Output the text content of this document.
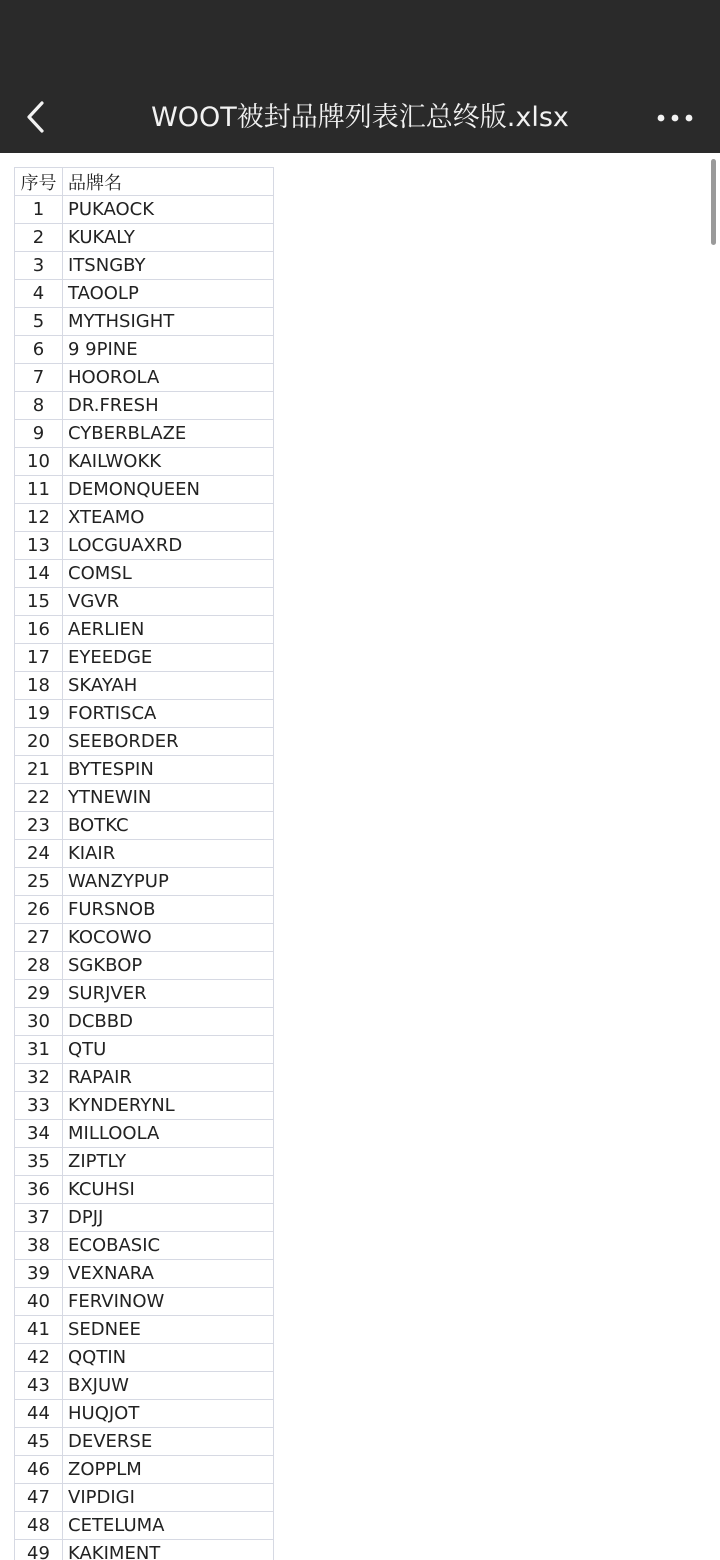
WOOT被封品牌列表汇总终版.xlsx
序号	品牌名
1	PUKAOCK
2	KUKALY
3	ITSNGBY
4	TAOOLP
5	MYTHSIGHT
6	9 9PINE
7	HOOROLA
8	DR.FRESH
9	CYBERBLAZE
10	KAILWOKK
11	DEMONQUEEN
12	XTEAMO
13	LOCGUAXRD
14	COMSL
15	VGVR
16	AERLIEN
17	EYEEDGE
18	SKAYAH
19	FORTISCA
20	SEEBORDER
21	BYTESPIN
22	YTNEWIN
23	BOTKC
24	KIAIR
25	WANZYPUP
26	FURSNOB
27	KOCOWO
28	SGKBOP
29	SURJVER
30	DCBBD
31	QTU
32	RAPAIR
33	KYNDERYNL
34	MILLOOLA
35	ZIPTLY
36	KCUHSI
37	DPJJ
38	ECOBASIC
39	VEXNARA
40	FERVINOW
41	SEDNEE
42	QQTIN
43	BXJUW
44	HUQJOT
45	DEVERSE
46	ZOPPLM
47	VIPDIGI
48	CETELUMA
49	KAKIMENT
